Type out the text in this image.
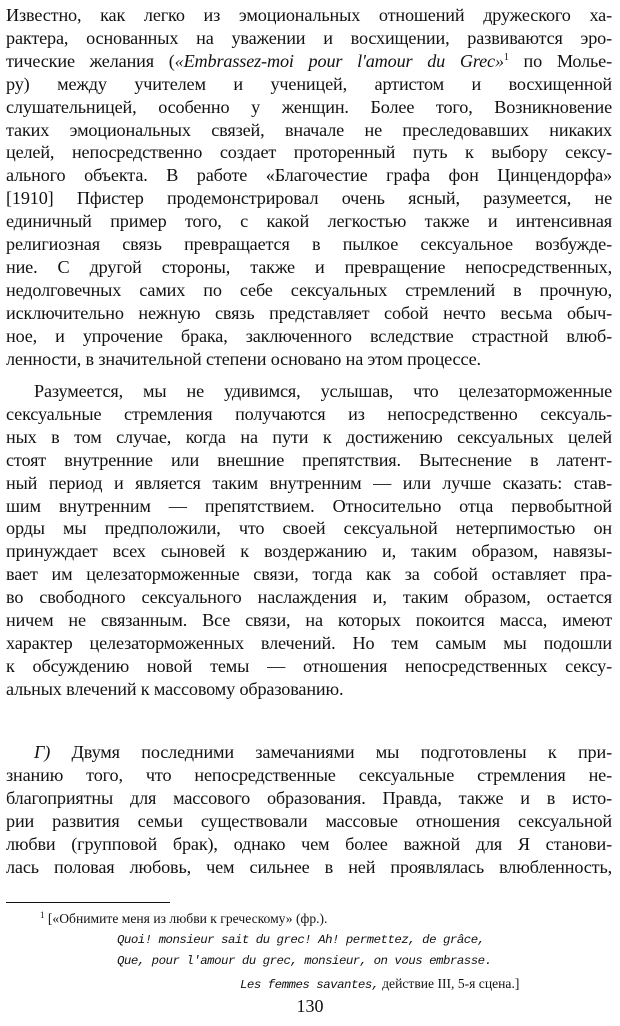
Известно, как легко из эмоциональных отношений дружеского ха-
рактера, основанных на уважении и восхищении, развиваются эро-
тические желания («Embrassez-moi pour l'amour du Grec»$^1$ по Молье-
ру) между учителем и ученицей, артистом и восхищенной
слушательницей, особенно у женщин. Более того, Возникновение
таких эмоциональных связей, вначале не преследовавших никаких
целей, непосредственно создает проторенный путь к выбору сексу-
ального объекта. В работе «Благочестие графа фон Цинцендорфа»
[1910] Пфистер продемонстрировал очень ясный, разумеется, не
единичный пример того, с какой легкостью также и интенсивная
религиозная связь превращается в пылкое сексуальное возбужде-
ние. С другой стороны, также и превращение непосредственных,
недолговечных самих по себе сексуальных стремлений в прочную,
исключительно нежную связь представляет собой нечто весьма обыч-
ное, и упрочение брака, заключенного вследствие страстной влюб-
ленности, в значительной степени основано на этом процессе.
Разумеется, мы не удивимся, услышав, что целезаторможенные
сексуальные стремления получаются из непосредственно сексуаль-
ных в том случае, когда на пути к достижению сексуальных целей
стоят внутренние или внешние препятствия. Вытеснение в латент-
ный период и является таким внутренним — или лучше сказать: став-
шим внутренним — препятствием. Относительно отца первобытной
орды мы предположили, что своей сексуальной нетерпимостью он
принуждает всех сыновей к воздержанию и, таким образом, навязы-
вает им целезаторможенные связи, тогда как за собой оставляет пра-
во свободного сексуального наслаждения и, таким образом, остается
ничем не связанным. Все связи, на которых покоится масса, имеют
характер целезаторможенных влечений. Но тем самым мы подошли
к обсуждению новой темы — отношения непосредственных сексу-
альных влечений к массовому образованию.
Г) Двумя последними замечаниями мы подготовлены к при-
знанию того, что непосредственные сексуальные стремления не-
благоприятны для массового образования. Правда, также и в исто-
рии развития семьи существовали массовые отношения сексуальной
любви (групповой брак), однако чем более важной для Я станови-
лась половая любовь, чем сильнее в ней проявлялась влюбленность,
$^1$ [«Обнимите меня из любви к греческому» (фр.).
Quoi! monsieur sait du grec! Ah! permettez, de grâce,
Que, pour l'amour du grec, monsieur, on vous embrasse.
Les femmes savantes, действие III, 5-я сцена.]
130
